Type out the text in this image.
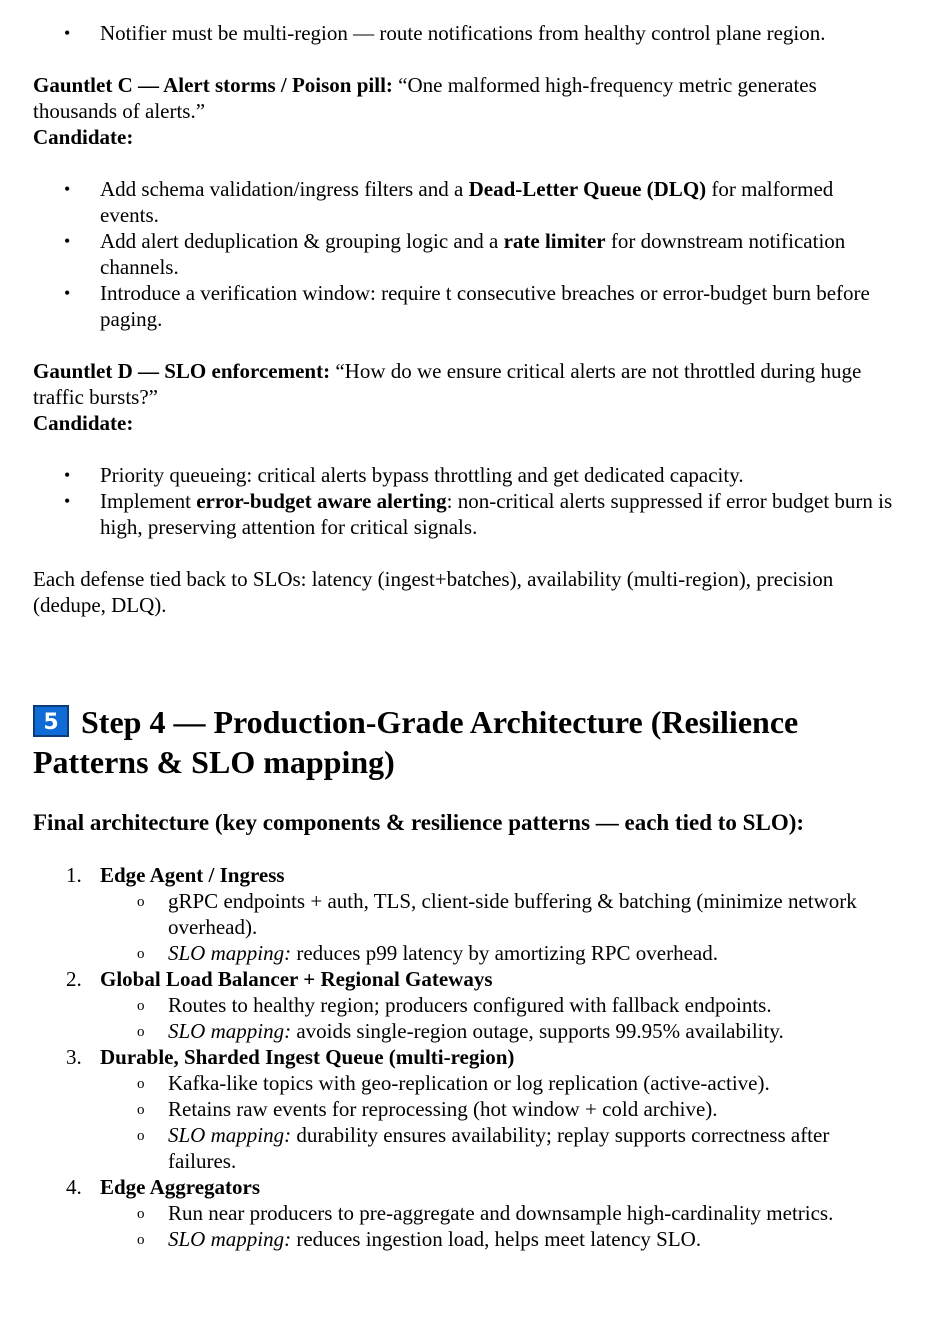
•	Notifier must be multi-region — route notifications from healthy control plane region.

Gauntlet C — Alert storms / Poison pill: “One malformed high-frequency metric generates thousands of alerts.”
Candidate:

•	Add schema validation/ingress filters and a Dead-Letter Queue (DLQ) for malformed events.
•	Add alert deduplication & grouping logic and a rate limiter for downstream notification channels.
•	Introduce a verification window: require t consecutive breaches or error-budget burn before paging.

Gauntlet D — SLO enforcement: “How do we ensure critical alerts are not throttled during huge traffic bursts?”
Candidate:

•	Priority queueing: critical alerts bypass throttling and get dedicated capacity.
•	Implement error-budget aware alerting: non-critical alerts suppressed if error budget burn is high, preserving attention for critical signals.

Each defense tied back to SLOs: latency (ingest+batches), availability (multi-region), precision (dedupe, DLQ).

5 Step 4 — Production-Grade Architecture (Resilience Patterns & SLO mapping)
Final architecture (key components & resilience patterns — each tied to SLO):
1. Edge Agent / Ingress
o gRPC endpoints + auth, TLS, client-side buffering & batching (minimize network overhead).
o SLO mapping: reduces p99 latency by amortizing RPC overhead.
2. Global Load Balancer + Regional Gateways
o Routes to healthy region; producers configured with fallback endpoints.
o SLO mapping: avoids single-region outage, supports 99.95% availability.
3. Durable, Sharded Ingest Queue (multi-region)
o Kafka-like topics with geo-replication or log replication (active-active).
o Retains raw events for reprocessing (hot window + cold archive).
o SLO mapping: durability ensures availability; replay supports correctness after failures.
4. Edge Aggregators
o Run near producers to pre-aggregate and downsample high-cardinality metrics.
o SLO mapping: reduces ingestion load, helps meet latency SLO.
